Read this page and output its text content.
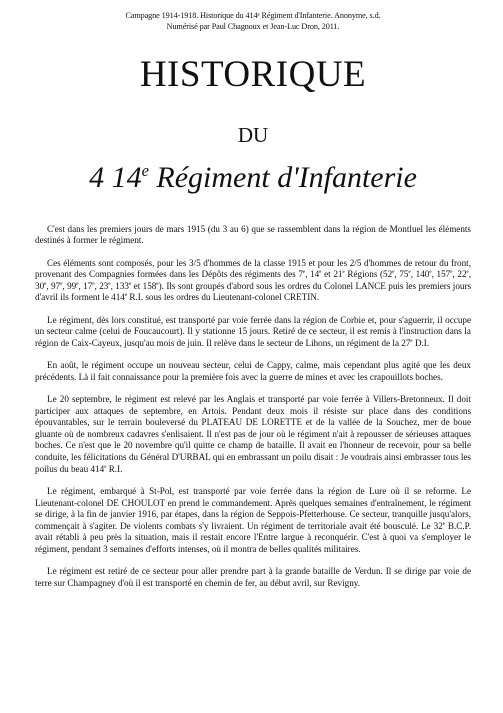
Campagne 1914-1918. Historique du 414ᵉ Régiment d'Infanterie. Anonyme, s.d.
Numérisé par Paul Chagnoux et Jean-Luc Dron, 2011.
HISTORIQUE
DU
4 14e Régiment d'Infanterie

C'est dans les premiers jours de mars 1915 (du 3 au 6) que se rassemblent dans la région de Montluel les éléments destinés à former le régiment.

Ces éléments sont composés, pour les 3/5 d'hommes de la classe 1915 et pour les 2/5 d'hommes de retour du front, provenant des Compagnies formées dans les Dépôts des régiments des 7e, 14e et 21e Régions (52e, 75e, 140e, 157e, 22e, 30e, 97e, 99e, 17e, 23e, 133e et 158e). Ils sont groupés d'abord sous les ordres du Colonel LANCE puis les premiers jours d'avril ils forment le 414e R.I. sous les ordres du Lieutenant-colonel CRETIN.

Le régiment, dès lors constitué, est transporté par voie ferrée dans la région de Corbie et, pour s'aguerrir, il occupe un secteur calme (celui de Foucaucourt). Il y stationne 15 jours. Retiré de ce secteur, il est remis à l'instruction dans la région de Caix-Cayeux, jusqu'au mois de juin. Il relève dans le secteur de Lihons, un régiment de la 27e D.I.

En août, le régiment occupe un nouveau secteur, celui de Cappy, calme, mais cependant plus agité que les deux précédents. Là il fait connaissance pour la première fois avec la guerre de mines et avec les crapouillots boches.

Le 20 septembre, le régiment est relevé par les Anglais et transporté par voie ferrée à Villers-Bretonneux. Il doit participer aux attaques de septembre, en Artois. Pendant deux mois il résiste sur place dans des conditions épouvantables, sur le terrain bouleversé du PLATEAU DE LORETTE et de la vallée de la Souchez, mer de boue gluante où de nombreux cadavres s'enlisaient. Il n'est pas de jour où le régiment n'ait à repousser de sérieuses attaques boches. Ce n'est que le 20 novembre qu'il quitte ce champ de bataille. Il avait eu l'honneur de recevoir, pour sa belle conduite, les félicitations du Général D'URBAL qui en embrassant un poilu disait : Je voudrais ainsi embrasser tous les poilus du beau 414e R.I.

Le régiment, embarqué à St-Pol, est transporté par voie ferrée dans la région de Lure où il se reforme. Le Lieutenant-colonel DE CHOULOT en prend le commandement. Après quelques semaines d'entraînement, le régiment se dirige, à la fin de janvier 1916, par étapes, dans la région de Seppois-Pfetterhouse. Ce secteur, tranquille jusqu'alors, commençait à s'agiter. De violents combats s'y livraient. Un régiment de territoriale avait été bousculé. Le 32e B.C.P. avait rétabli à peu près la situation, mais il restait encore l'Entre largue à reconquérir. C'est à quoi va s'employer le régiment, pendant 3 semaines d'efforts intenses, où il montra de belles qualités militaires.

Le régiment est retiré de ce secteur pour aller prendre part à la grande bataille de Verdun. Il se dirige par voie de terre sur Champagney d'où il est transporté en chemin de fer, au début avril, sur Revigny.
